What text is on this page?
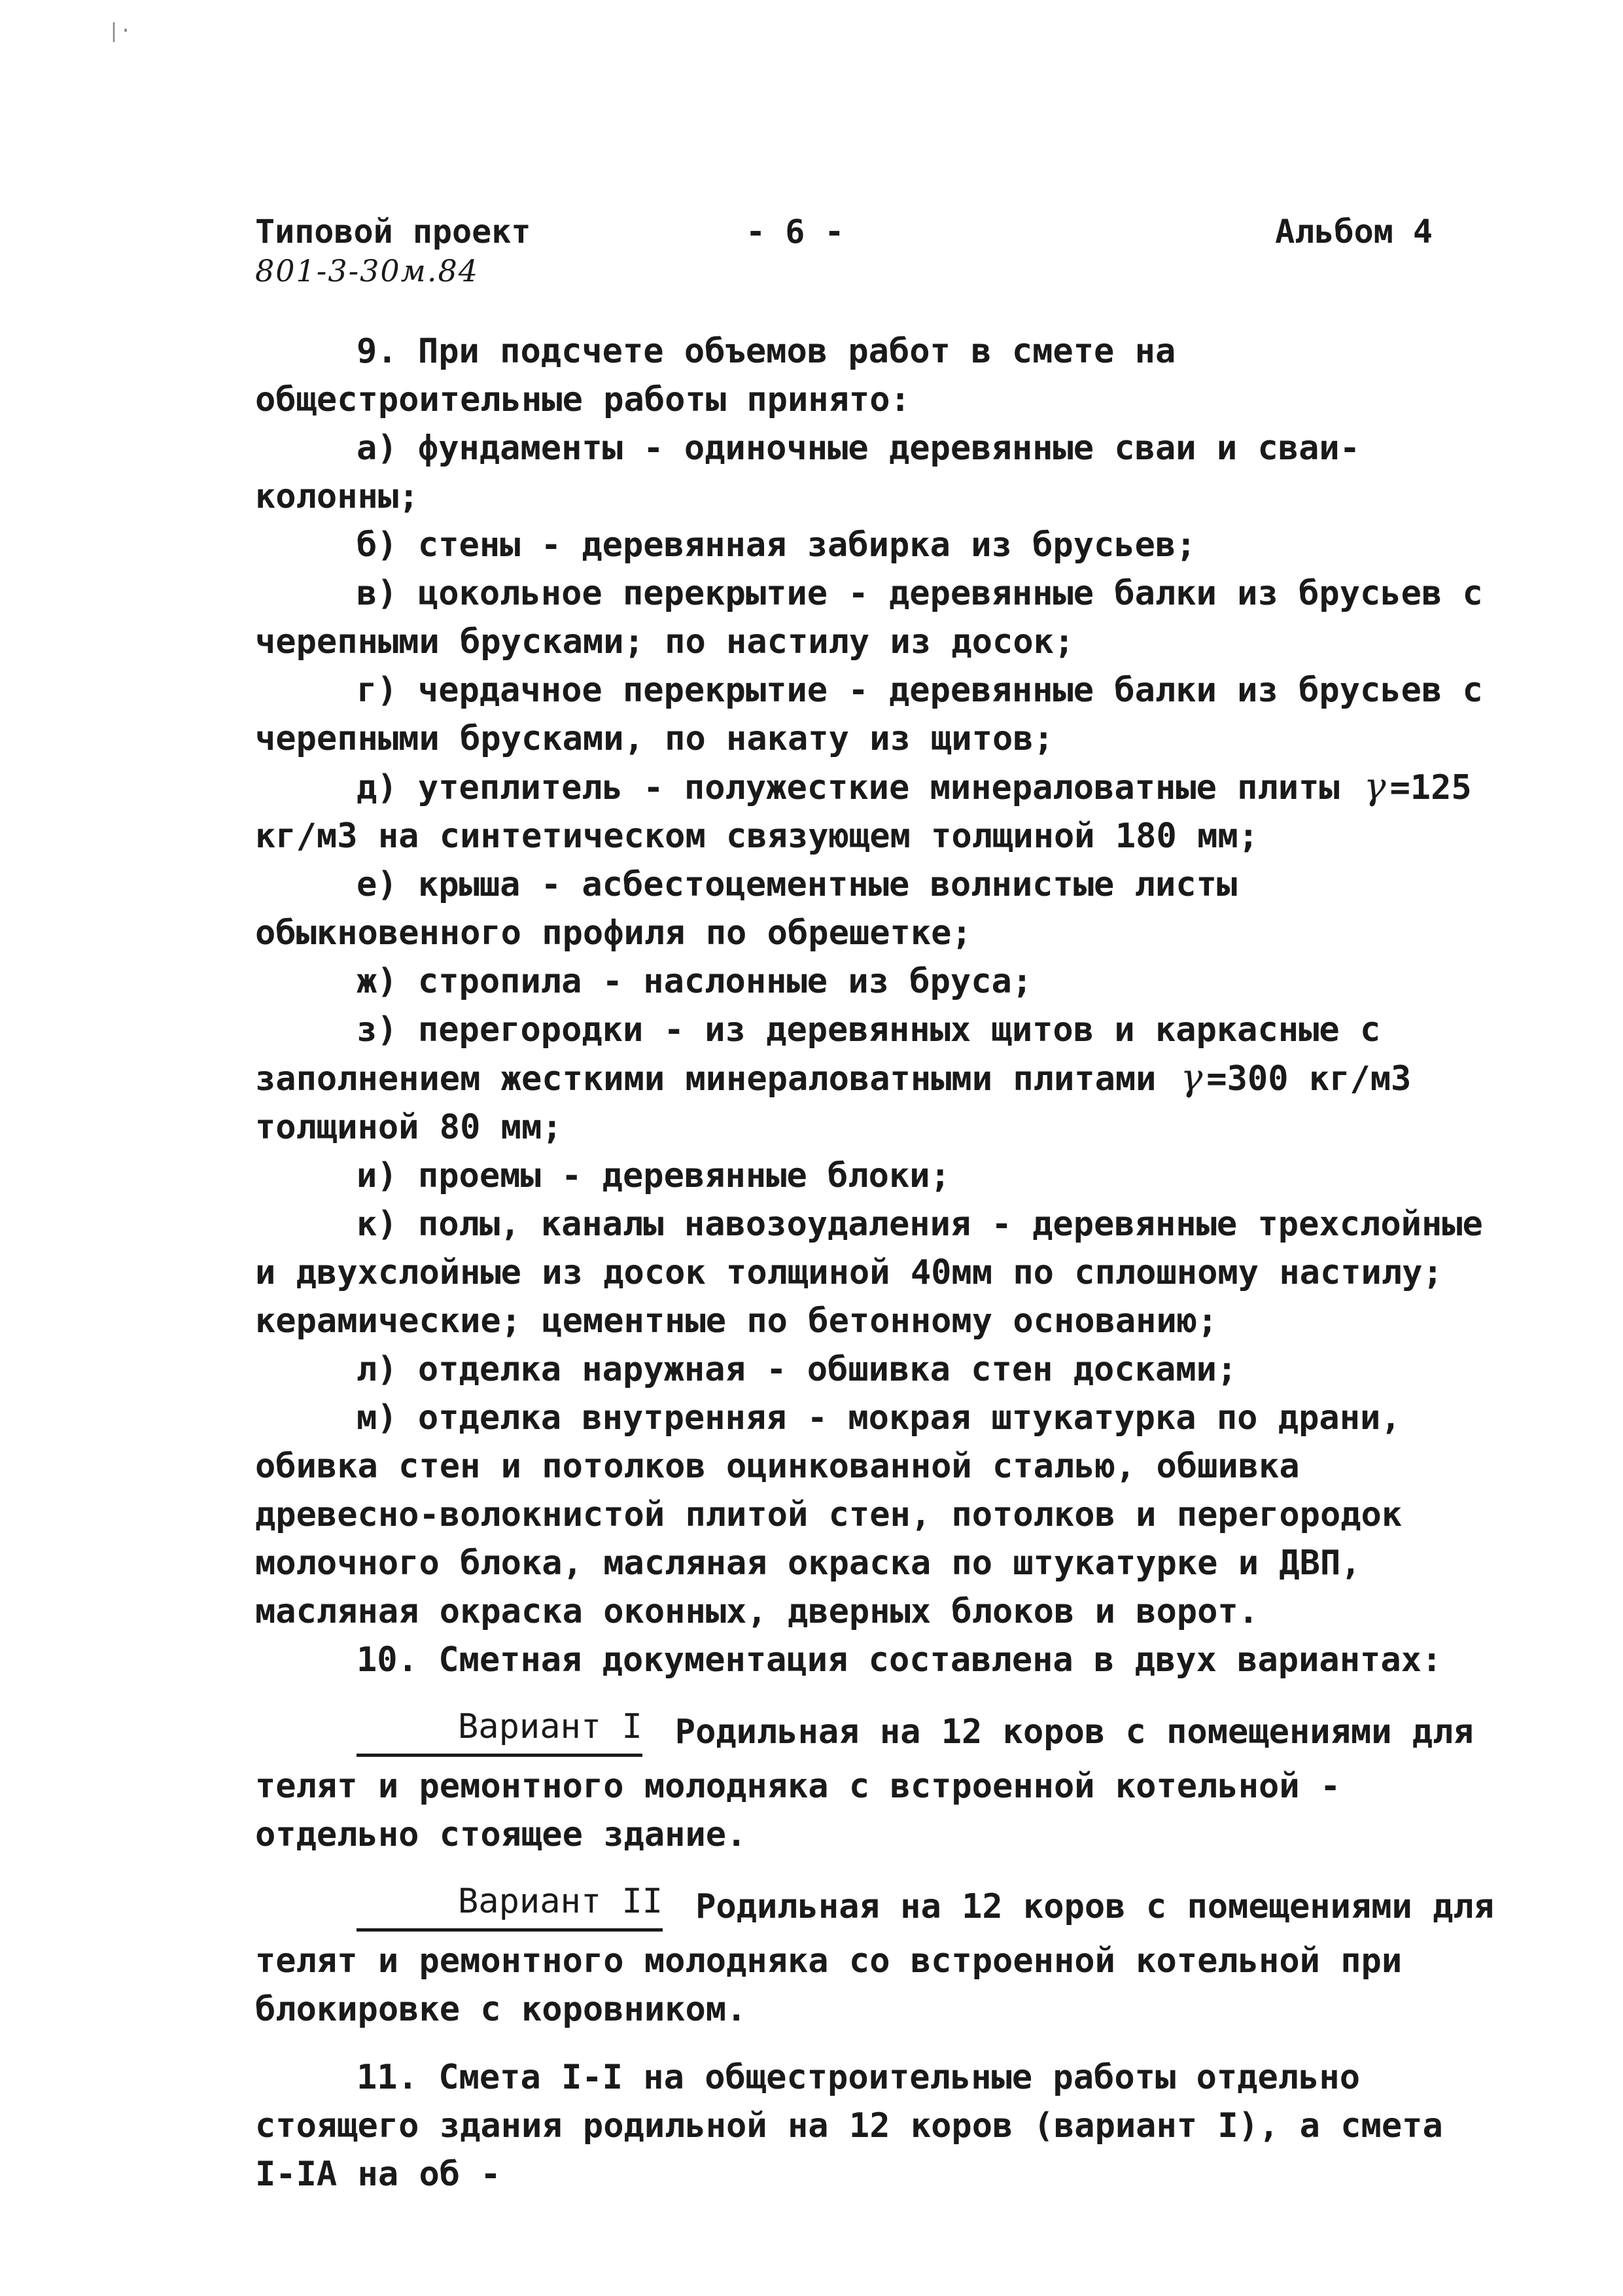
|·
Типовой проект	- 6 -	Альбом 4
801-3-30м.84

9. При подсчете объемов работ в смете на общестроительные работы принято:

а) фундаменты - одиночные деревянные сваи и сваи-колонны;

б) стены - деревянная забирка из брусьев;

в) цокольное перекрытие - деревянные балки из брусьев с черепными брусками; по настилу из досок;

г) чердачное перекрытие - деревянные балки из брусьев с черепными брусками, по накату из щитов;

д) утеплитель - полужесткие минераловатные плиты γ =125 кг/м3 на синтетическом связующем толщиной 180 мм;

е) крыша - асбестоцементные волнистые листы обыкновенного профиля по обрешетке;

ж) стропила - наслонные из бруса;

з) перегородки - из деревянных щитов и каркасные с заполнением жесткими минераловатными плитами γ =300 кг/м3 толщиной 80 мм;

и) проемы - деревянные блоки;

к) полы, каналы навозоудаления - деревянные трехслойные и двухслойные из досок толщиной 40мм по сплошному настилу; керамические; цементные по бетонному основанию;

л) отделка наружная - обшивка стен досками;

м) отделка внутренняя - мокрая штукатурка по драни, обивка стен и потолков оцинкованной сталью, обшивка древесно-волокнистой плитой стен, потолков и перегородок молочного блока, масляная окраска по штукатурке и ДВП, масляная окраска оконных, дверных блоков и ворот.

10. Сметная документация составлена в двух вариантах:

Вариант I Родильная на 12 коров с помещениями для телят и ремонтного молодняка с встроенной котельной - отдельно стоящее здание.

Вариант II Родильная на 12 коров с помещениями для телят и ремонтного молодняка со встроенной котельной при блокировке с коровником.

11. Смета I-I на общестроительные работы отдельно стоящего здания родильной на 12 коров (вариант I), а смета I-IA на об -
